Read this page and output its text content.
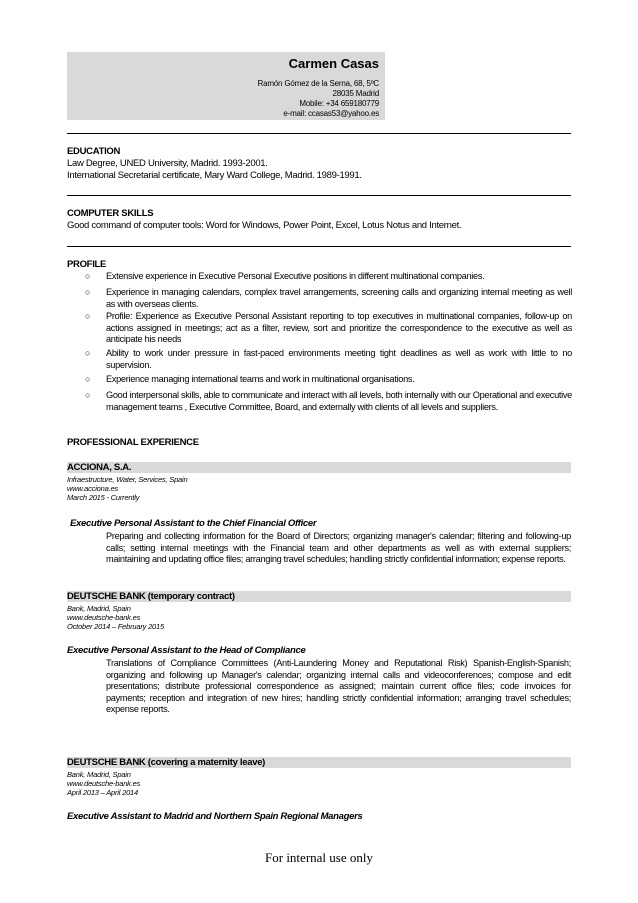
Carmen Casas
Ramón Gómez de la Serna, 68, 5ºC
28035 Madrid
Mobile: +34 659180779
e-mail: ccasas53@yahoo.es
EDUCATION
Law Degree, UNED University, Madrid. 1993-2001.
International Secretarial certificate, Mary Ward College, Madrid. 1989-1991.
COMPUTER SKILLS
Good command of computer tools: Word for Windows, Power Point, Excel, Lotus Notus and Internet.
PROFILE
○ Extensive experience in Executive Personal Executive positions in different multinational companies.
○ Experience in managing calendars, complex travel arrangements, screening calls and organizing internal meeting as well as with overseas clients.
○ Profile: Experience as Executive Personal Assistant reporting to top executives in multinational companies, follow-up on actions assigned in meetings; act as a filter, review, sort and prioritize the correspondence to the executive as well as anticipate his needs
○ Ability to work under pressure in fast-paced environments meeting tight deadlines as well as work with little to no supervision.
○ Experience managing international teams and work in multinational organisations.
○ Good interpersonal skills, able to communicate and interact with all levels, both internally with our Operational and executive management teams , Executive Committee, Board, and externally with clients of all levels and suppliers.
PROFESSIONAL EXPERIENCE
ACCIONA, S.A.
Infraestructure, Water, Services, Spain
www.acciona.es
March 2015 - Currently
Executive Personal Assistant to the Chief Financial Officer
Preparing and collecting information for the Board of Directors; organizing manager's calendar; filtering and following-up calls; setting internal meetings with the Financial team and other departments as well as with external suppliers; maintaining and updating office files; arranging travel schedules; handling strictly confidential information; expense reports.
DEUTSCHE BANK (temporary contract)
Bank, Madrid, Spain
www.deutsche-bank.es
October 2014 – February 2015
Executive Personal Assistant to the Head of Compliance
Translations of Compliance Committees (Anti-Laundering Money and Reputational Risk) Spanish-English-Spanish; organizing and following up Manager's calendar; organizing internal calls and videoconferences; compose and edit presentations; distribute professional correspondence as assigned; maintain current office files; code invoices for payments; reception and integration of new hires; handling strictly confidential information; arranging travel schedules; expense reports.
DEUTSCHE BANK (covering a maternity leave)
Bank, Madrid, Spain
www.deutsche-bank.es
April 2013 – April 2014
Executive Assistant to Madrid and Northern Spain Regional Managers
For internal use only
